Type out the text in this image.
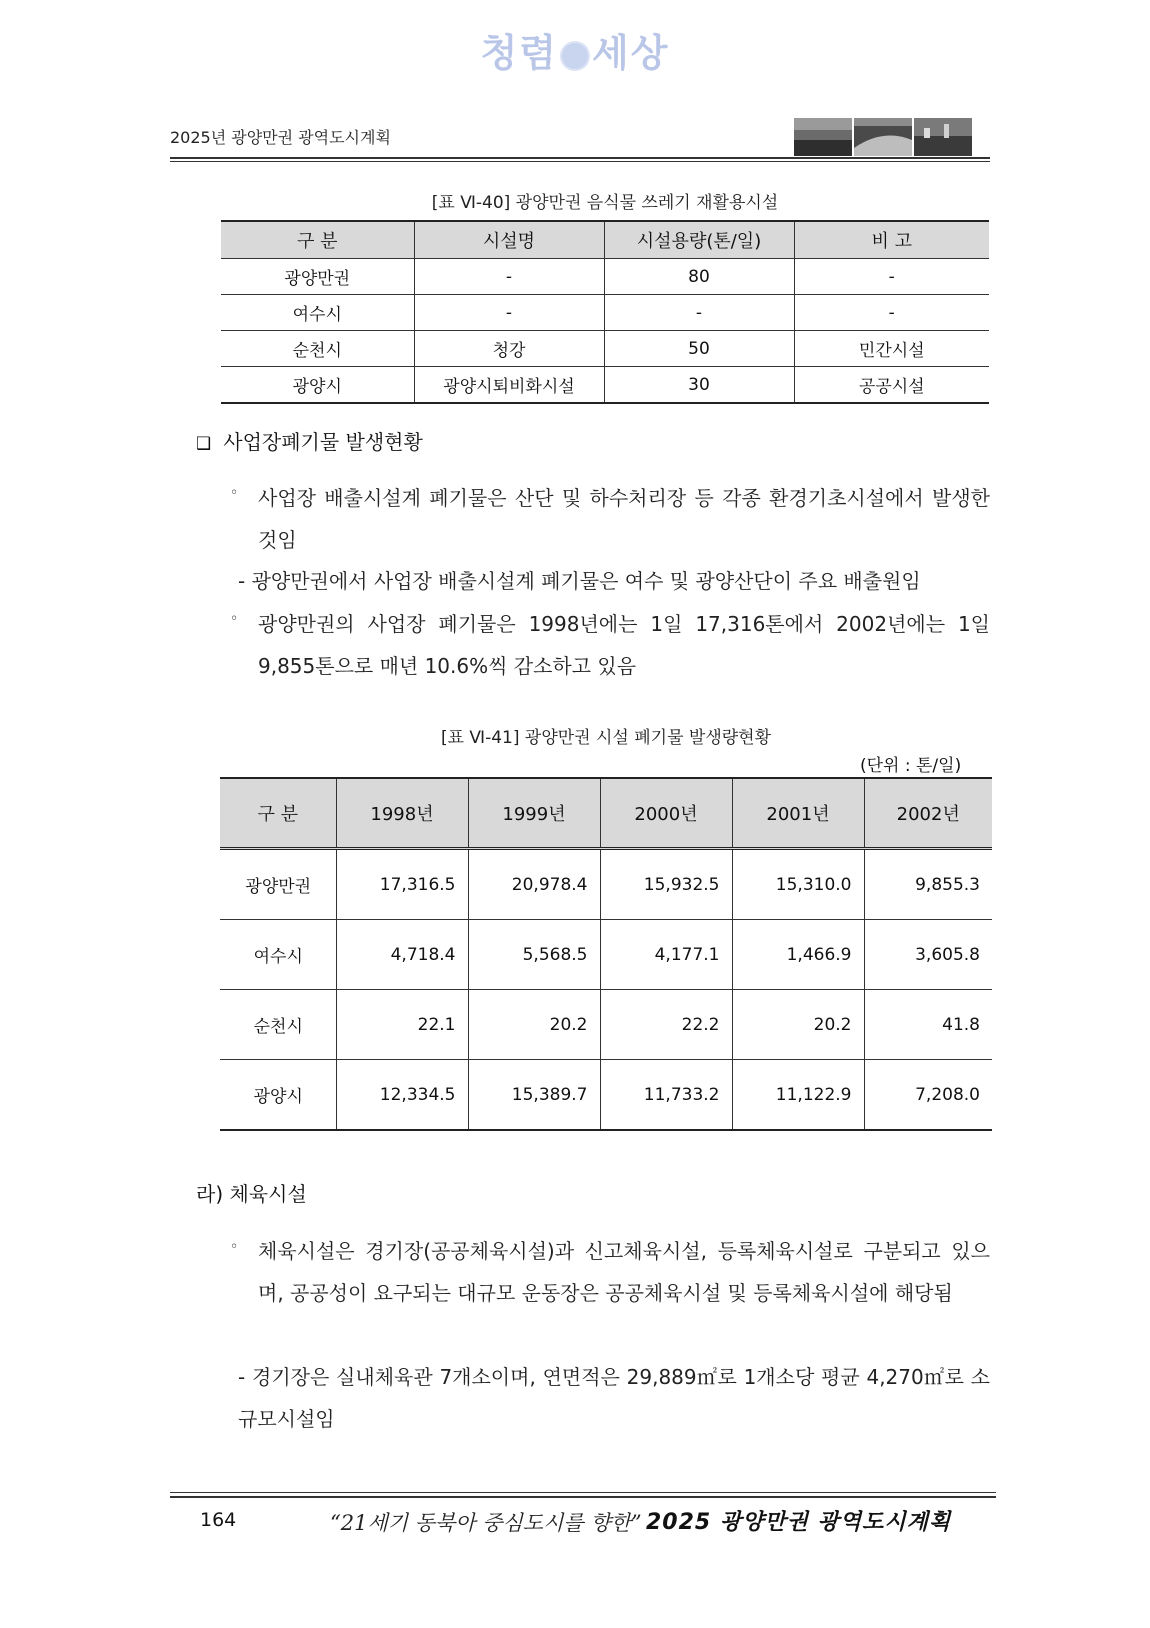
청렴 세상
2025년 광양만권 광역도시계획
[표 Ⅵ-40] 광양만권 음식물 쓰레기 재활용시설
구 분	시설명	시설용량(톤/일)	비 고
광양만권	-	80	-
여수시	-	-	-
순천시	청강	50	민간시설
광양시	광양시퇴비화시설	30	공공시설
❑ 사업장폐기물 발생현황
◦ 사업장 배출시설계 폐기물은 산단 및 하수처리장 등 각종 환경기초시설에서 발생한 것임
- 광양만권에서 사업장 배출시설계 폐기물은 여수 및 광양산단이 주요 배출원임
◦ 광양만권의 사업장 폐기물은 1998년에는 1일 17,316톤에서 2002년에는 1일 9,855톤으로 매년 10.6%씩 감소하고 있음
[표 Ⅵ-41] 광양만권 시설 폐기물 발생량현황
(단위 : 톤/일)
구 분	1998년	1999년	2000년	2001년	2002년
광양만권	17,316.5	20,978.4	15,932.5	15,310.0	9,855.3
여수시	4,718.4	5,568.5	4,177.1	1,466.9	3,605.8
순천시	22.1	20.2	22.2	20.2	41.8
광양시	12,334.5	15,389.7	11,733.2	11,122.9	7,208.0
라) 체육시설
◦ 체육시설은 경기장(공공체육시설)과 신고체육시설, 등록체육시설로 구분되고 있으며, 공공성이 요구되는 대규모 운동장은 공공체육시설 및 등록체육시설에 해당됨
- 경기장은 실내체육관 7개소이며, 연면적은 29,889㎡로 1개소당 평균 4,270㎡로 소규모시설임
164	“21세기 동북아 중심도시를 향한” 2025 광양만권 광역도시계획
